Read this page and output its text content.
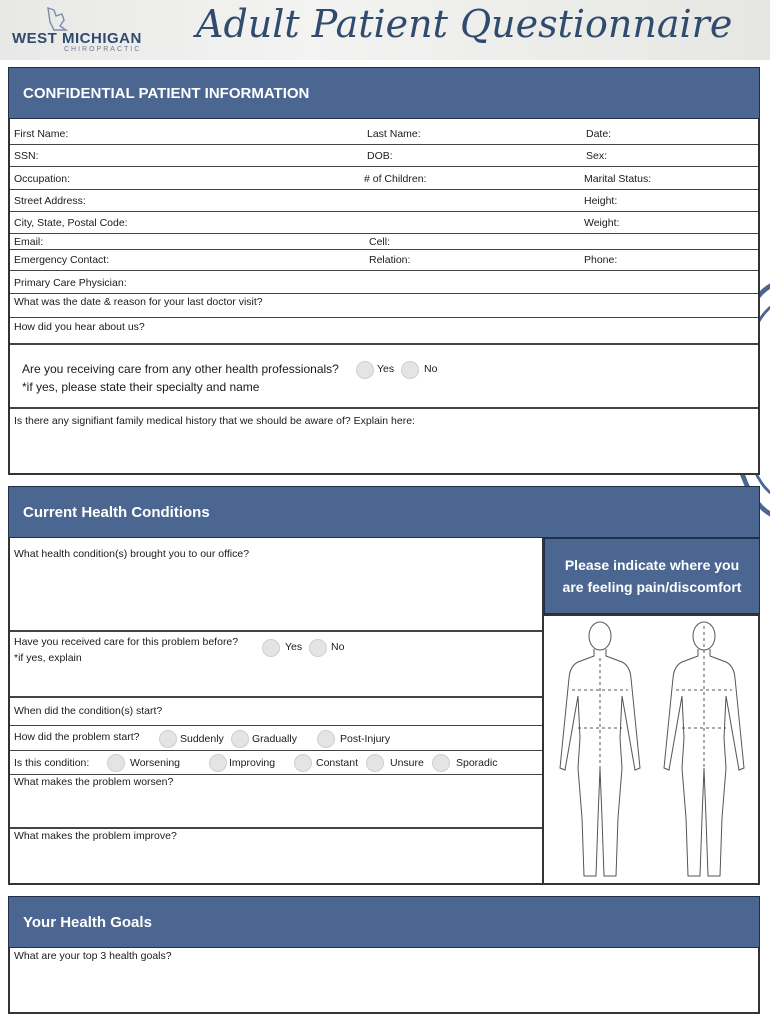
WEST MICHIGAN
CHIROPRACTIC
Adult Patient Questionnaire
CONFIDENTIAL PATIENT INFORMATION
First Name:	Last Name:	Date:
SSN:	DOB:	Sex:
Occupation:	# of Children:	Marital Status:
Street Address:	Height:
City, State, Postal Code:	Weight:
Email:	Cell:
Emergency Contact:	Relation:	Phone:
Primary Care Physician:
What was the date & reason for your last doctor visit?
How did you hear about us?
Are you receiving care from any other health professionals?	Yes	No
*if yes, please state their specialty and name
Is there any signifiant family medical history that we should be aware of? Explain here:
Current Health Conditions
Please indicate where you are feeling pain/discomfort
What health condition(s) brought you to our office?
Have you received care for this problem before?
*if yes, explain
Yes	No
When did the condition(s) start?
How did the problem start?	Suddenly	Gradually	Post-Injury
Is this condition:	Worsening	Improving	Constant	Unsure	Sporadic
What makes the problem worsen?
What makes the problem improve?
Your Health Goals
What are your top 3 health goals?
